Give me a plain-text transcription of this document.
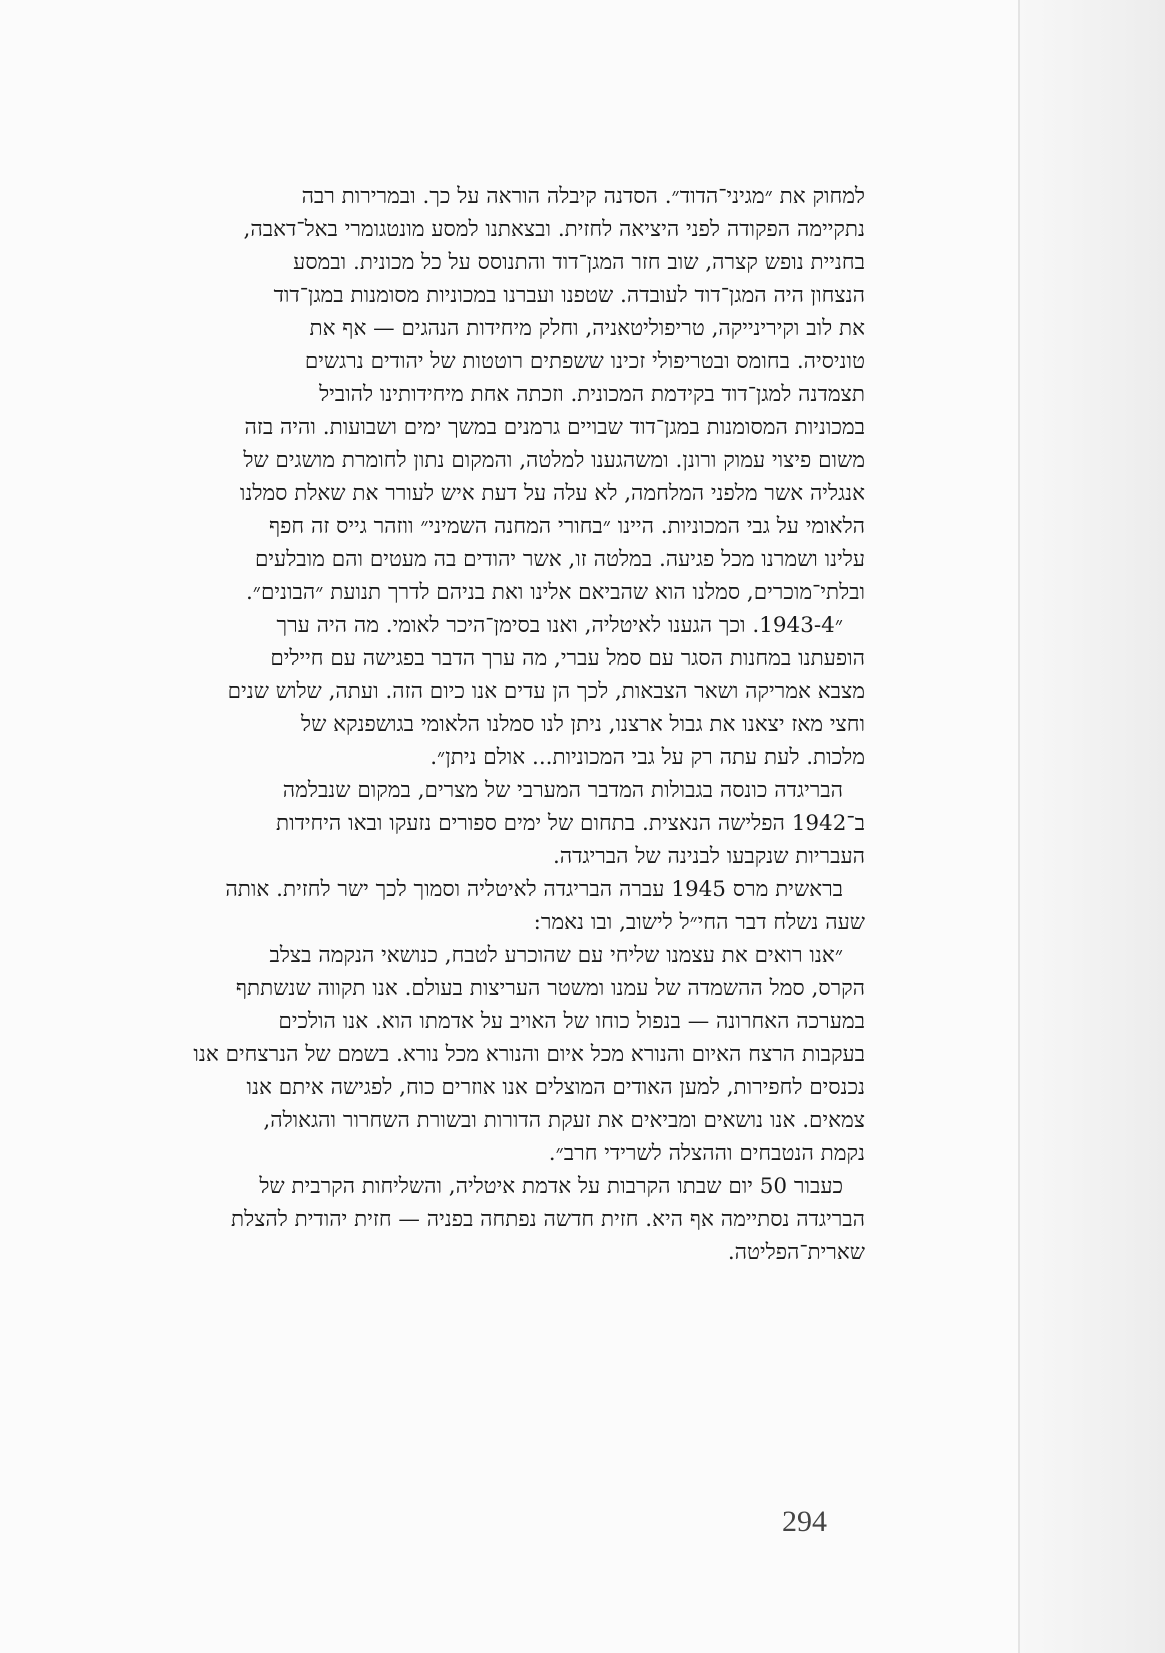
למחוק את ״מגיני־הדוד״. הסדנה קיבלה הוראה על כך. ובמרירות רבה
נתקיימה הפקודה לפני היציאה לחזית. ובצאתנו למסע מונטגומרי באל־דאבה,
בחניית נופש קצרה, שוב חזר המגן־דוד והתנוסס על כל מכונית. ובמסע
הנצחון היה המגן־דוד לעובדה. שטפנו ועברנו במכוניות מסומנות במגן־דוד
את לוב וקירינייקה, טריפוליטאניה, וחלק מיחידות הנהגים — אף את
טוניסיה. בחומס ובטריפולי זכינו ששפתים רוטטות של יהודים נרגשים
תצמדנה למגן־דוד בקידמת המכונית. וזכתה אחת מיחידותינו להוביל
במכוניות המסומנות במגן־דוד שבויים גרמנים במשך ימים ושבועות. והיה בזה
משום פיצוי עמוק ורונן. ומשהגענו למלטה, והמקום נתון לחומרת מושגים של
אנגליה אשר מלפני המלחמה, לא עלה על דעת איש לעורר את שאלת סמלנו
הלאומי על גבי המכוניות. היינו ״בחורי המחנה השמיני״ ווזהר גייס זה חפף
עלינו ושמרנו מכל פגיעה. במלטה זו, אשר יהודים בה מעטים והם מובלעים
ובלתי־מוכרים, סמלנו הוא שהביאם אלינו ואת בניהם לדרך תנועת ״הבונים״.
״1943-4. וכך הגענו לאיטליה, ואנו בסימן־היכר לאומי. מה היה ערך
הופעתנו במחנות הסגר עם סמל עברי, מה ערך הדבר בפגישה עם חיילים
מצבא אמריקה ושאר הצבאות, לכך הן עדים אנו כיום הזה. ועתה, שלוש שנים
וחצי מאז יצאנו את גבול ארצנו, ניתן לנו סמלנו הלאומי בגושפנקא של
מלכות. לעת עתה רק על גבי המכוניות... אולם ניתן״.
הבריגדה כונסה בגבולות המדבר המערבי של מצרים, במקום שנבלמה
ב־1942 הפלישה הנאצית. בתחום של ימים ספורים נזעקו ובאו היחידות
העבריות שנקבעו לבנינה של הבריגדה.
בראשית מרס 1945 עברה הבריגדה לאיטליה וסמוך לכך ישר לחזית. אותה
שעה נשלח דבר החי״ל לישוב, ובו נאמר:
״אנו רואים את עצמנו שליחי עם שהוכרע לטבח, כנושאי הנקמה בצלב
הקרס, סמל ההשמדה של עמנו ומשטר העריצות בעולם. אנו תקווה שנשתתף
במערכה האחרונה — בנפול כוחו של האויב על אדמתו הוא. אנו הולכים
בעקבות הרצח האיום והנורא מכל איום והנורא מכל נורא. בשמם של הנרצחים אנו
נכנסים לחפירות, למען האודים המוצלים אנו אוזרים כוח, לפגישה איתם אנו
צמאים. אנו נושאים ומביאים את זעקת הדורות ובשורת השחרור והגאולה,
נקמת הנטבחים וההצלה לשרידי חרב״.
כעבור 50 יום שבתו הקרבות על אדמת איטליה, והשליחות הקרבית של
הבריגדה נסתיימה אף היא. חזית חדשה נפתחה בפניה — חזית יהודית להצלת
שארית־הפליטה.
294
